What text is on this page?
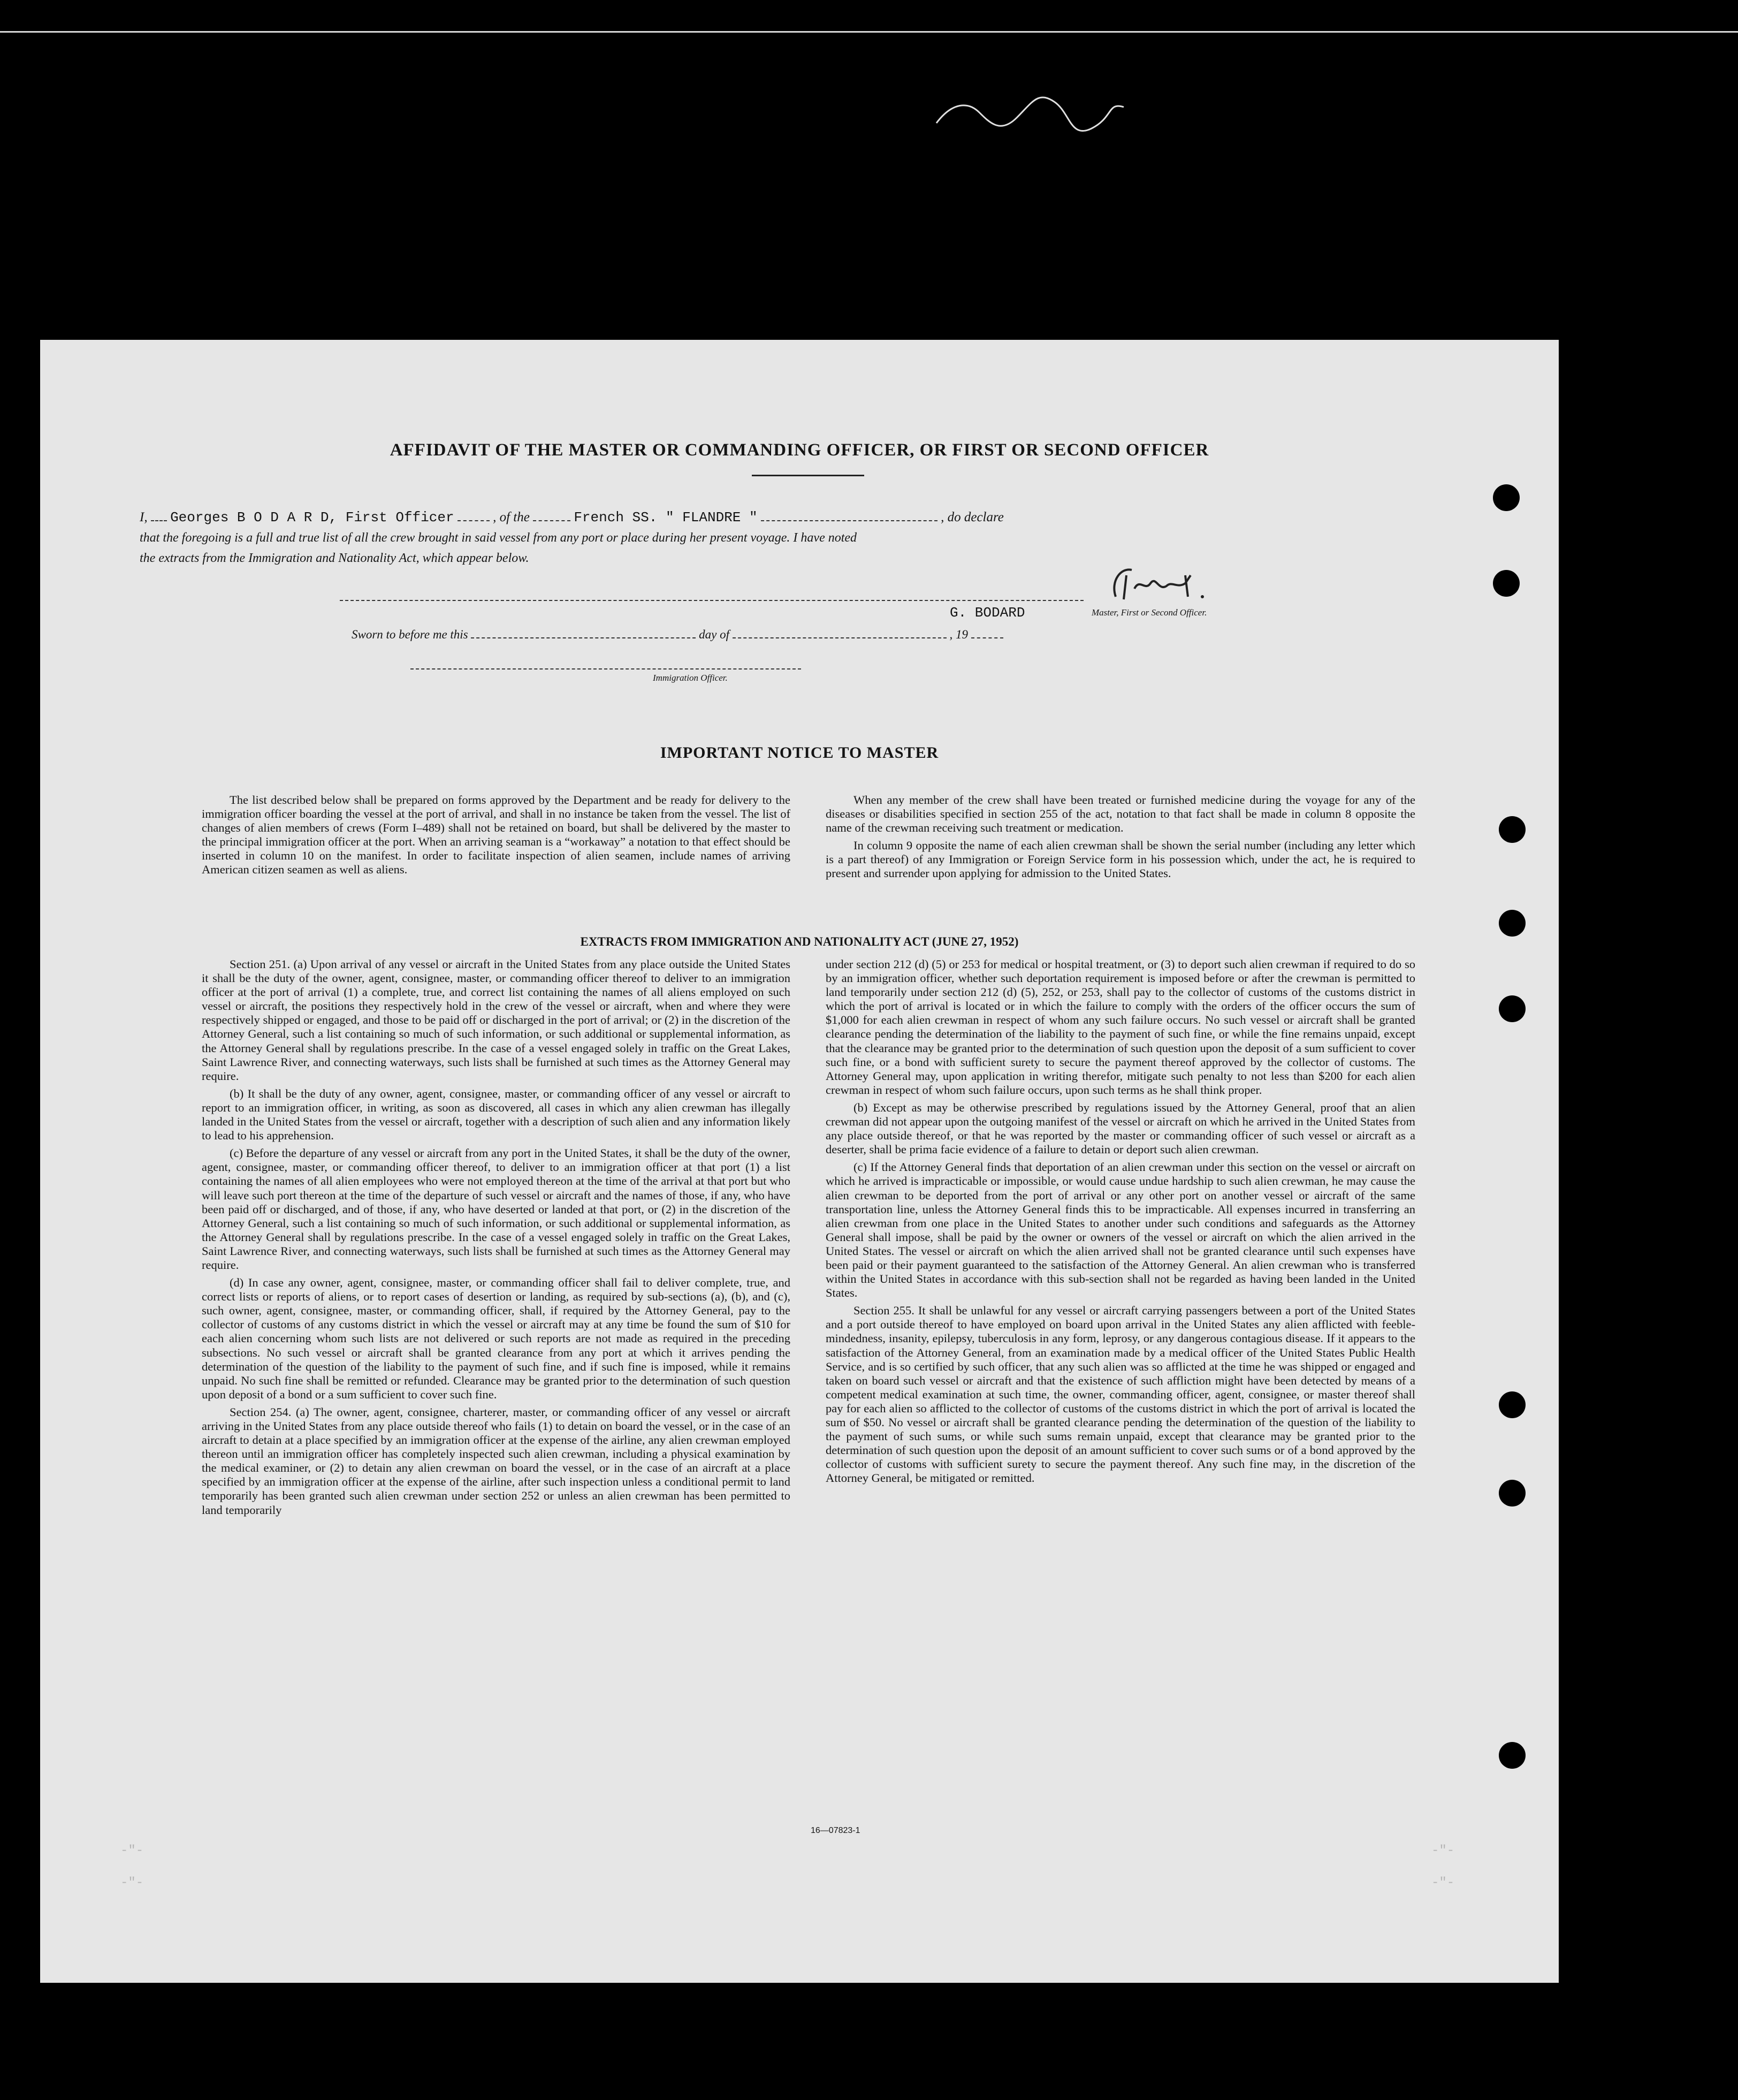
AFFIDAVIT OF THE MASTER OR COMMANDING OFFICER, OR FIRST OR SECOND OFFICER
I, Georges B O D A R D, First Officer	, of the	French SS. " FLANDRE "	, do declare
that the foregoing is a full and true list of all the crew brought in said vessel from any port or place during her present voyage. I have noted
the extracts from the Immigration and Nationality Act, which appear below.
G. BODARD	Master, First or Second Officer.
Sworn to before me this	day of	, 19
Immigration Officer.
IMPORTANT NOTICE TO MASTER

The list described below shall be prepared on forms approved by the Department and be ready for delivery to the immigration officer boarding the vessel at the port of arrival, and shall in no instance be taken from the vessel. The list of changes of alien members of crews (Form I–489) shall not be retained on board, but shall be delivered by the master to the principal immigration officer at the port. When an arriving seaman is a “workaway” a notation to that effect should be inserted in column 10 on the manifest. In order to facilitate inspection of alien seamen, include names of arriving American citizen seamen as well as aliens.

When any member of the crew shall have been treated or furnished medicine during the voyage for any of the diseases or disabilities specified in section 255 of the act, notation to that fact shall be made in column 8 opposite the name of the crewman receiving such treatment or medication.

In column 9 opposite the name of each alien crewman shall be shown the serial number (including any letter which is a part thereof) of any Immigration or Foreign Service form in his possession which, under the act, he is required to present and surrender upon applying for admission to the United States.

EXTRACTS FROM IMMIGRATION AND NATIONALITY ACT (JUNE 27, 1952)

Section 251. (a) Upon arrival of any vessel or aircraft in the United States from any place outside the United States it shall be the duty of the owner, agent, consignee, master, or commanding officer thereof to deliver to an immigration officer at the port of arrival (1) a complete, true, and correct list containing the names of all aliens employed on such vessel or aircraft, the positions they respectively hold in the crew of the vessel or aircraft, when and where they were respectively shipped or engaged, and those to be paid off or discharged in the port of arrival; or (2) in the discretion of the Attorney General, such a list containing so much of such information, or such additional or supplemental information, as the Attorney General shall by regulations prescribe. In the case of a vessel engaged solely in traffic on the Great Lakes, Saint Lawrence River, and connecting waterways, such lists shall be furnished at such times as the Attorney General may require.

(b) It shall be the duty of any owner, agent, consignee, master, or commanding officer of any vessel or aircraft to report to an immigration officer, in writing, as soon as discovered, all cases in which any alien crewman has illegally landed in the United States from the vessel or aircraft, together with a description of such alien and any information likely to lead to his apprehension.

(c) Before the departure of any vessel or aircraft from any port in the United States, it shall be the duty of the owner, agent, consignee, master, or commanding officer thereof, to deliver to an immigration officer at that port (1) a list containing the names of all alien employees who were not employed thereon at the time of the arrival at that port but who will leave such port thereon at the time of the departure of such vessel or aircraft and the names of those, if any, who have been paid off or discharged, and of those, if any, who have deserted or landed at that port, or (2) in the discretion of the Attorney General, such a list containing so much of such information, or such additional or supplemental information, as the Attorney General shall by regulations prescribe. In the case of a vessel engaged solely in traffic on the Great Lakes, Saint Lawrence River, and connecting waterways, such lists shall be furnished at such times as the Attorney General may require.

(d) In case any owner, agent, consignee, master, or commanding officer shall fail to deliver complete, true, and correct lists or reports of aliens, or to report cases of desertion or landing, as required by sub-sections (a), (b), and (c), such owner, agent, consignee, master, or commanding officer, shall, if required by the Attorney General, pay to the collector of customs of any customs district in which the vessel or aircraft may at any time be found the sum of $10 for each alien concerning whom such lists are not delivered or such reports are not made as required in the preceding subsections. No such vessel or aircraft shall be granted clearance from any port at which it arrives pending the determination of the question of the liability to the payment of such fine, and if such fine is imposed, while it remains unpaid. No such fine shall be remitted or refunded. Clearance may be granted prior to the determination of such question upon deposit of a bond or a sum sufficient to cover such fine.

Section 254. (a) The owner, agent, consignee, charterer, master, or commanding officer of any vessel or aircraft arriving in the United States from any place outside thereof who fails (1) to detain on board the vessel, or in the case of an aircraft to detain at a place specified by an immigration officer at the expense of the airline, any alien crewman employed thereon until an immigration officer has completely inspected such alien crewman, including a physical examination by the medical examiner, or (2) to detain any alien crewman on board the vessel, or in the case of an aircraft at a place specified by an immigration officer at the expense of the airline, after such inspection unless a conditional permit to land temporarily has been granted such alien crewman under section 252 or unless an alien crewman has been permitted to land temporarily

under section 212 (d) (5) or 253 for medical or hospital treatment, or (3) to deport such alien crewman if required to do so by an immigration officer, whether such deportation requirement is imposed before or after the crewman is permitted to land temporarily under section 212 (d) (5), 252, or 253, shall pay to the collector of customs of the customs district in which the port of arrival is located or in which the failure to comply with the orders of the officer occurs the sum of $1,000 for each alien crewman in respect of whom any such failure occurs. No such vessel or aircraft shall be granted clearance pending the determination of the liability to the payment of such fine, or while the fine remains unpaid, except that the clearance may be granted prior to the determination of such question upon the deposit of a sum sufficient to cover such fine, or a bond with sufficient surety to secure the payment thereof approved by the collector of customs. The Attorney General may, upon application in writing therefor, mitigate such penalty to not less than $200 for each alien crewman in respect of whom such failure occurs, upon such terms as he shall think proper.

(b) Except as may be otherwise prescribed by regulations issued by the Attorney General, proof that an alien crewman did not appear upon the outgoing manifest of the vessel or aircraft on which he arrived in the United States from any place outside thereof, or that he was reported by the master or commanding officer of such vessel or aircraft as a deserter, shall be prima facie evidence of a failure to detain or deport such alien crewman.

(c) If the Attorney General finds that deportation of an alien crewman under this section on the vessel or aircraft on which he arrived is impracticable or impossible, or would cause undue hardship to such alien crewman, he may cause the alien crewman to be deported from the port of arrival or any other port on another vessel or aircraft of the same transportation line, unless the Attorney General finds this to be impracticable. All expenses incurred in transferring an alien crewman from one place in the United States to another under such conditions and safeguards as the Attorney General shall impose, shall be paid by the owner or owners of the vessel or aircraft on which the alien arrived in the United States. The vessel or aircraft on which the alien arrived shall not be granted clearance until such expenses have been paid or their payment guaranteed to the satisfaction of the Attorney General. An alien crewman who is transferred within the United States in accordance with this sub-section shall not be regarded as having been landed in the United States.

Section 255. It shall be unlawful for any vessel or aircraft carrying passengers between a port of the United States and a port outside thereof to have employed on board upon arrival in the United States any alien afflicted with feeble-mindedness, insanity, epilepsy, tuberculosis in any form, leprosy, or any dangerous contagious disease. If it appears to the satisfaction of the Attorney General, from an examination made by a medical officer of the United States Public Health Service, and is so certified by such officer, that any such alien was so afflicted at the time he was shipped or engaged and taken on board such vessel or aircraft and that the existence of such affliction might have been detected by means of a competent medical examination at such time, the owner, commanding officer, agent, consignee, or master thereof shall pay for each alien so afflicted to the collector of customs of the customs district in which the port of arrival is located the sum of $50. No vessel or aircraft shall be granted clearance pending the determination of the question of the liability to the payment of such sums, or while such sums remain unpaid, except that clearance may be granted prior to the determination of such question upon the deposit of an amount sufficient to cover such sums or of a bond approved by the collector of customs with sufficient surety to secure the payment thereof. Any such fine may, in the discretion of the Attorney General, be mitigated or remitted.

16—07823-1
-"-
-"-
-"-
-"-
